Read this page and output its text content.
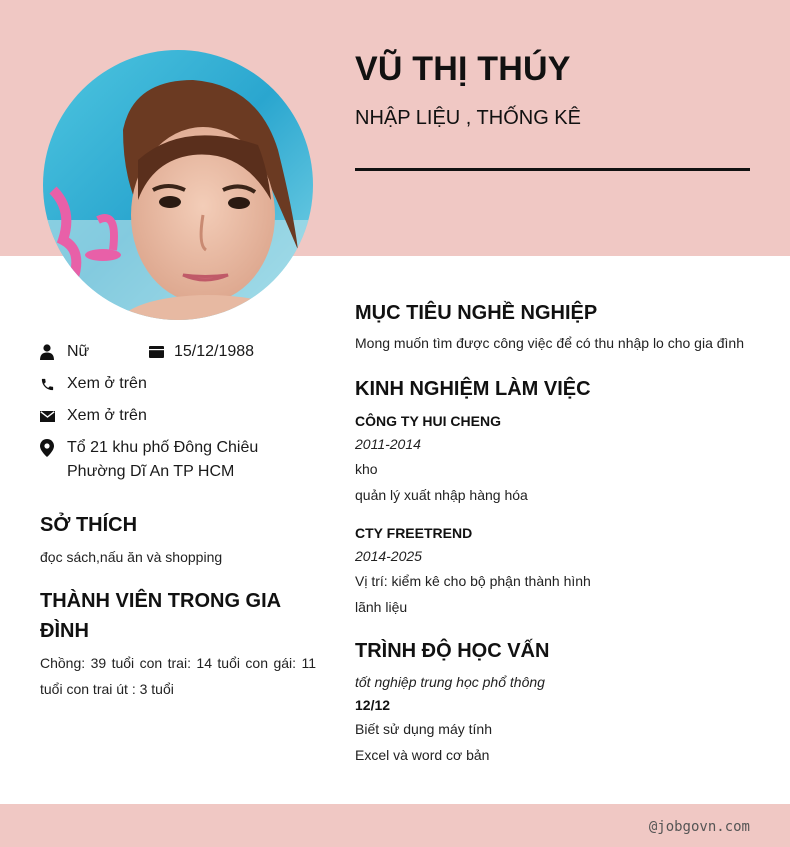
@jobgovn.com
VŨ THỊ THÚY
NHẬP LIỆU , THỐNG KÊ
Nữ	15/12/1988
Xem ở trên
Xem ở trên
Tổ 21 khu phố Đông Chiêu Phường Dĩ An TP HCM
SỞ THÍCH

đọc sách,nấu ăn và shopping

THÀNH VIÊN TRONG GIA ĐÌNH

Chồng: 39 tuổi con trai: 14 tuổi con gái: 11 tuổi con trai út : 3 tuổi

MỤC TIÊU NGHỀ NGHIỆP

Mong muốn tìm được công việc để có thu nhập lo cho gia đình

KINH NGHIỆM LÀM VIỆC

CÔNG TY HUI CHENG

2011-2014

kho

quản lý xuất nhập hàng hóa

CTY FREETREND

2014-2025

Vị trí: kiểm kê cho bộ phận thành hình

lãnh liệu

TRÌNH ĐỘ HỌC VẤN

tốt nghiệp trung học phổ thông

12/12

Biết sử dụng máy tính

Excel và word cơ bản
